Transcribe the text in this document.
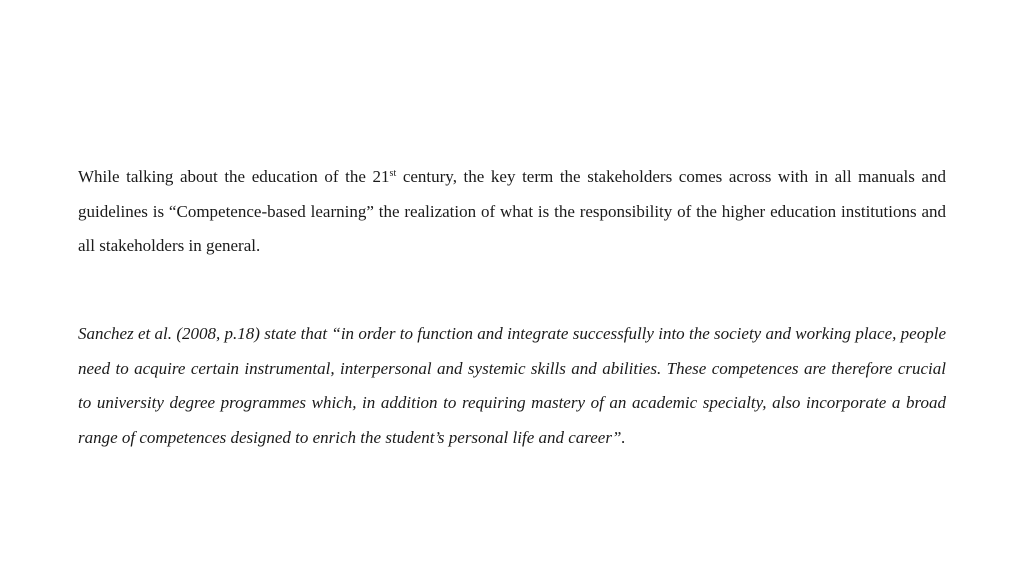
While talking about the education of the 21st century, the key term the stakeholders comes across with in all manuals and guidelines is “Competence-based learning” the realization of what is the responsibility of the higher education institutions and all stakeholders in general.

Sanchez et al. (2008, p.18) state that “in order to function and integrate successfully into the society and working place, people need to acquire certain instrumental, interpersonal and systemic skills and abilities. These competences are therefore crucial to university degree programmes which, in addition to requiring mastery of an academic specialty, also incorporate a broad range of competences designed to enrich the student’s personal life and career”.
